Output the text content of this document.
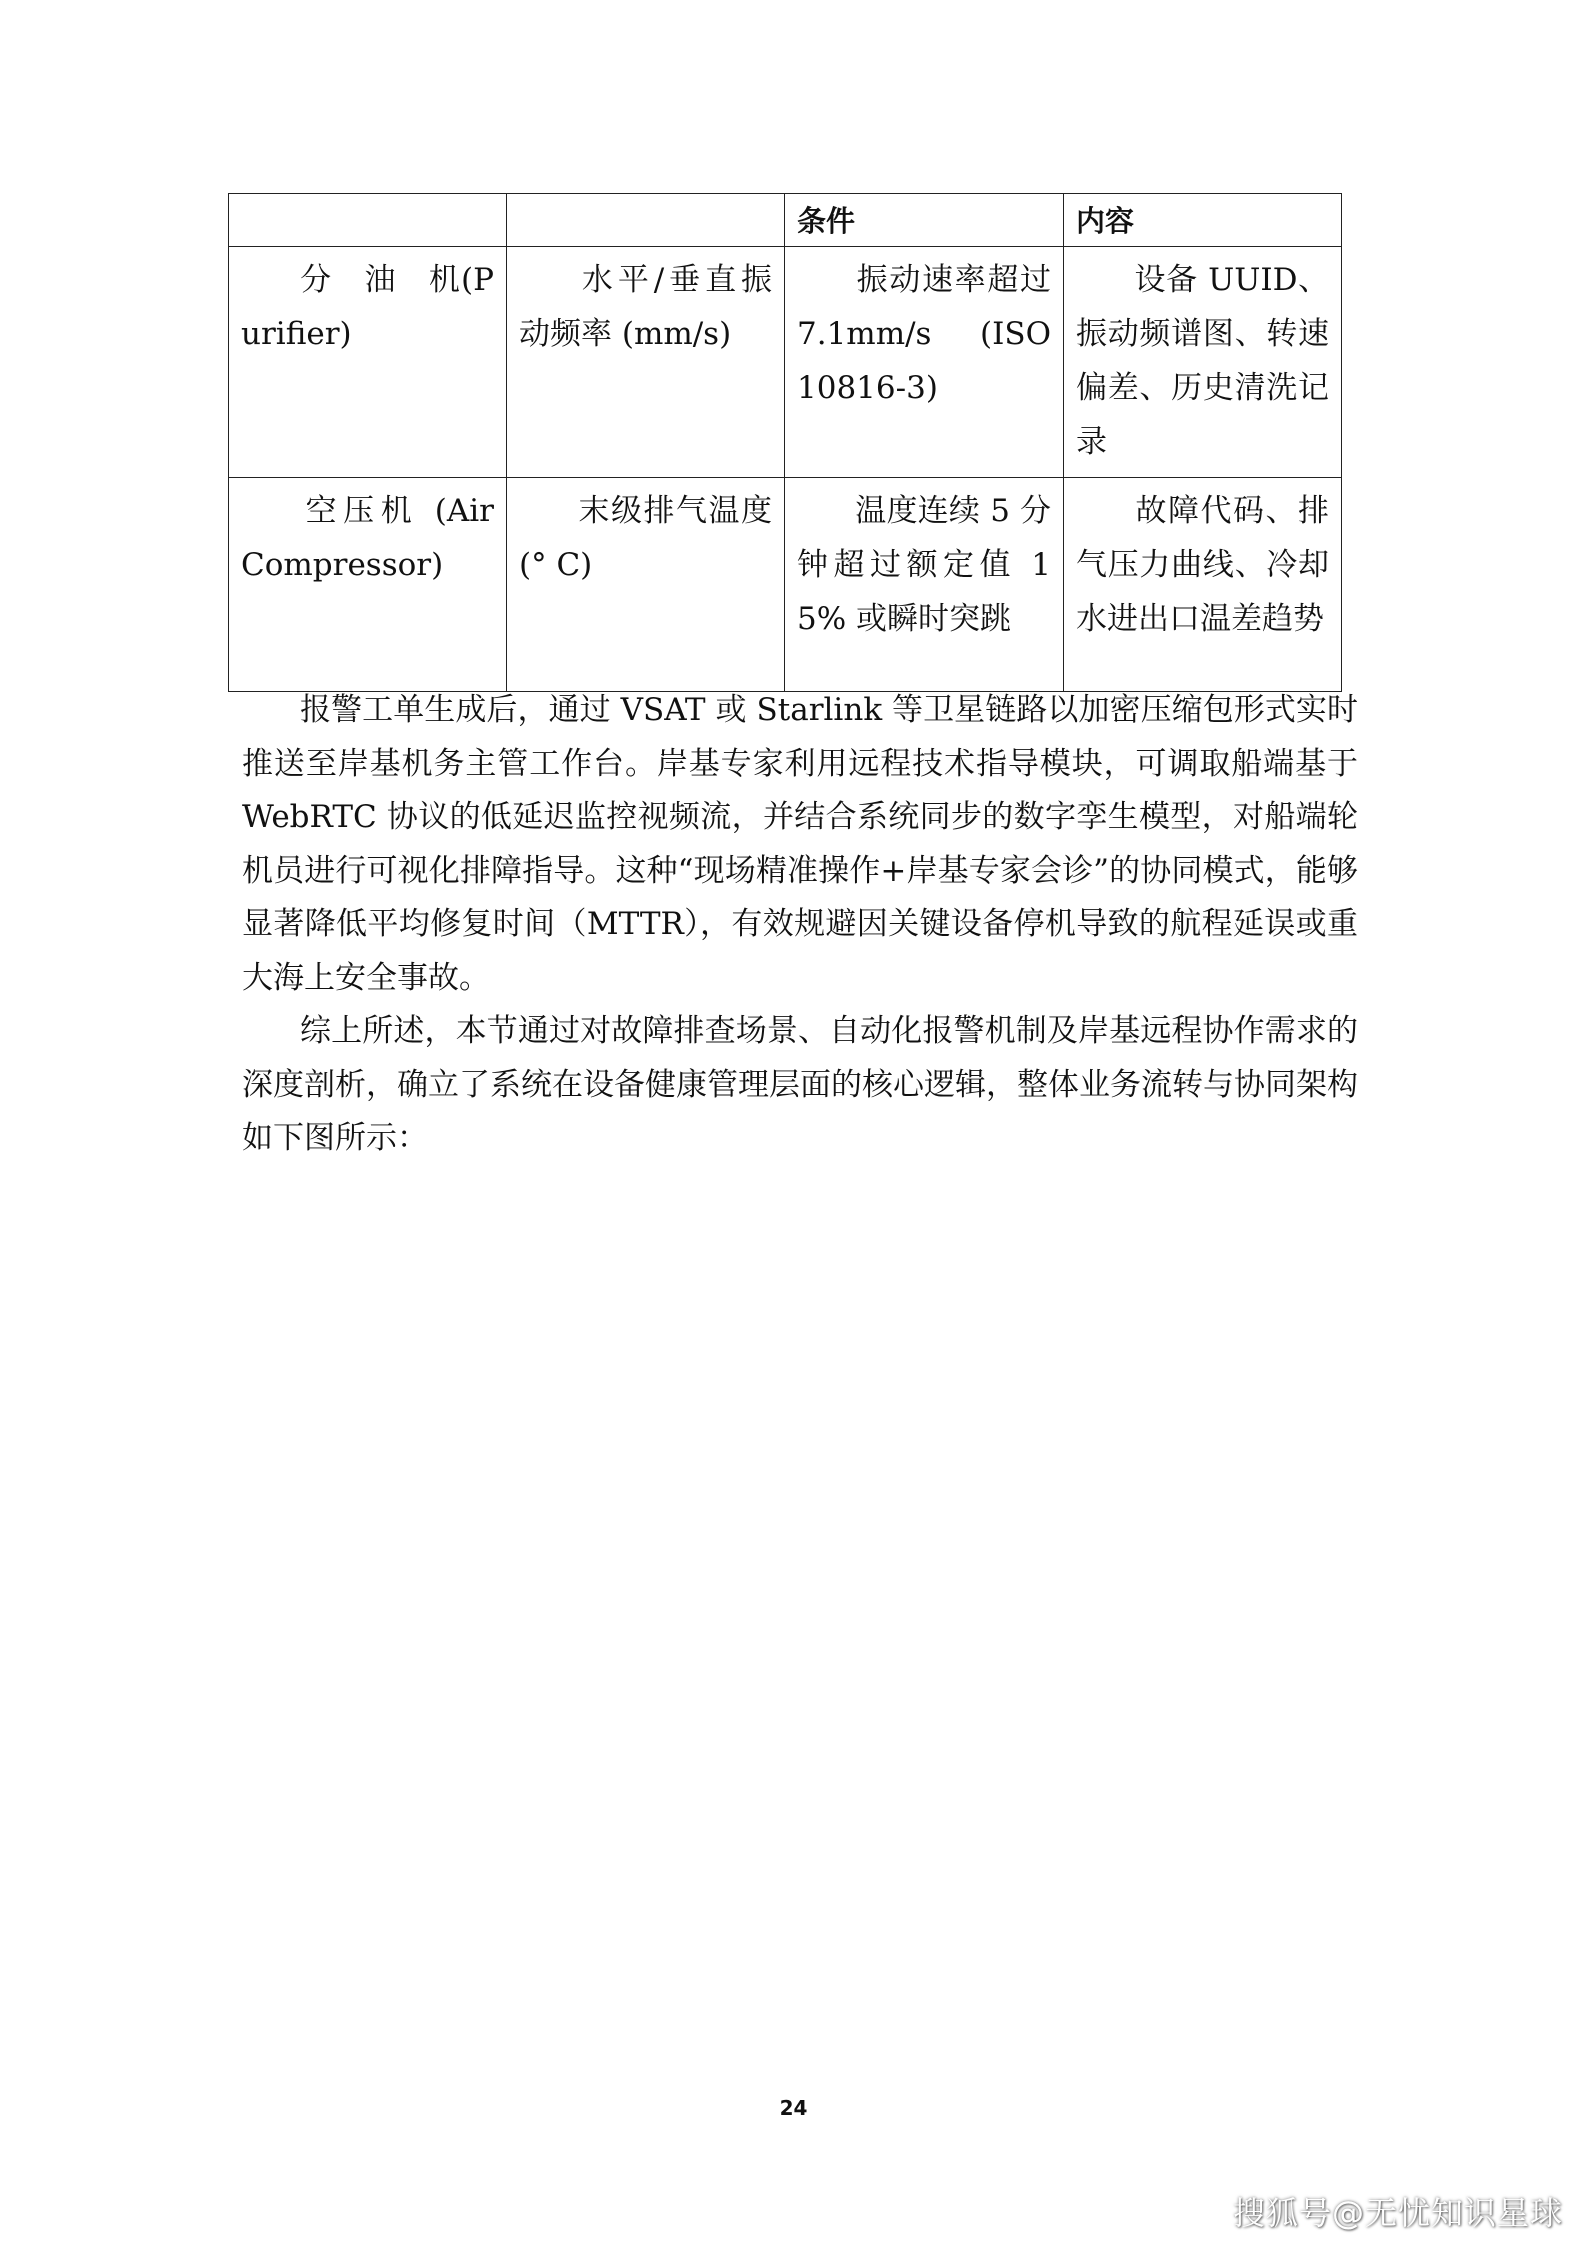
		条件	内容
分　油　机(Purifier)	水平/垂直振动频率 (mm/s)	振动速率超过 7.1mm/s　(ISO 10816-3)	设备 UUID、振动频谱图、转速偏差、历史清洗记录
空压机 (Air Compressor)	末级排气温度 (° C)	温度连续 5 分钟超过额定值 15% 或瞬时突跳	故障代码、排气压力曲线、冷却水进出口温差趋势

报警工单生成后，通过 VSAT 或 Starlink 等卫星链路以加密压缩包形式实时推送至岸基机务主管工作台。岸基专家利用远程技术指导模块，可调取船端基于 WebRTC 协议的低延迟监控视频流，并结合系统同步的数字孪生模型，对船端轮机员进行可视化排障指导。这种“现场精准操作+岸基专家会诊”的协同模式，能够显著降低平均修复时间（MTTR），有效规避因关键设备停机导致的航程延误或重大海上安全事故。

综上所述，本节通过对故障排查场景、自动化报警机制及岸基远程协作需求的深度剖析，确立了系统在设备健康管理层面的核心逻辑，整体业务流转与协同架构如下图所示：

24
搜狐号@无忧知识星球
